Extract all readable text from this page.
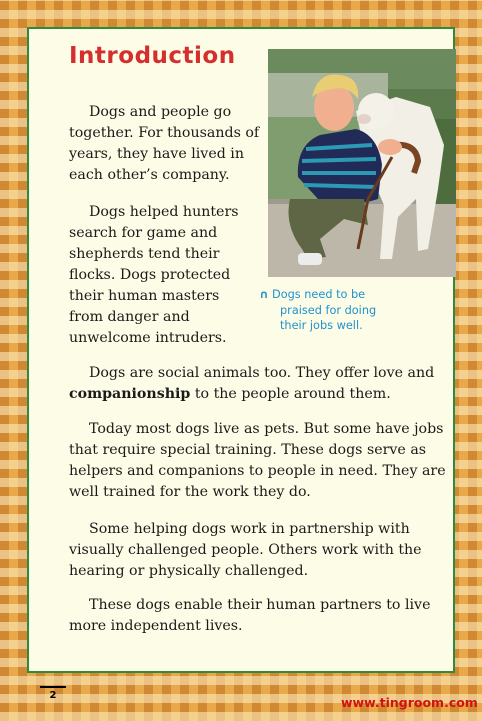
Introduction

Dogs and people go
together. For thousands of
years, they have lived in
each other’s company.

Dogs helped hunters
search for game and
shepherds tend their
flocks. Dogs protected
their human masters
from danger and
unwelcome intruders.

∩ Dogs need to be
praised for doing
their jobs well.

Dogs are social animals too. They offer love and
companionship to the people around them.

Today most dogs live as pets. But some have jobs
that require special training. These dogs serve as
helpers and companions to people in need. They are
well trained for the work they do.

Some helping dogs work in partnership with
visually challenged people. Others work with the
hearing or physically challenged.

These dogs enable their human partners to live
more independent lives.

2	www.tingroom.com
